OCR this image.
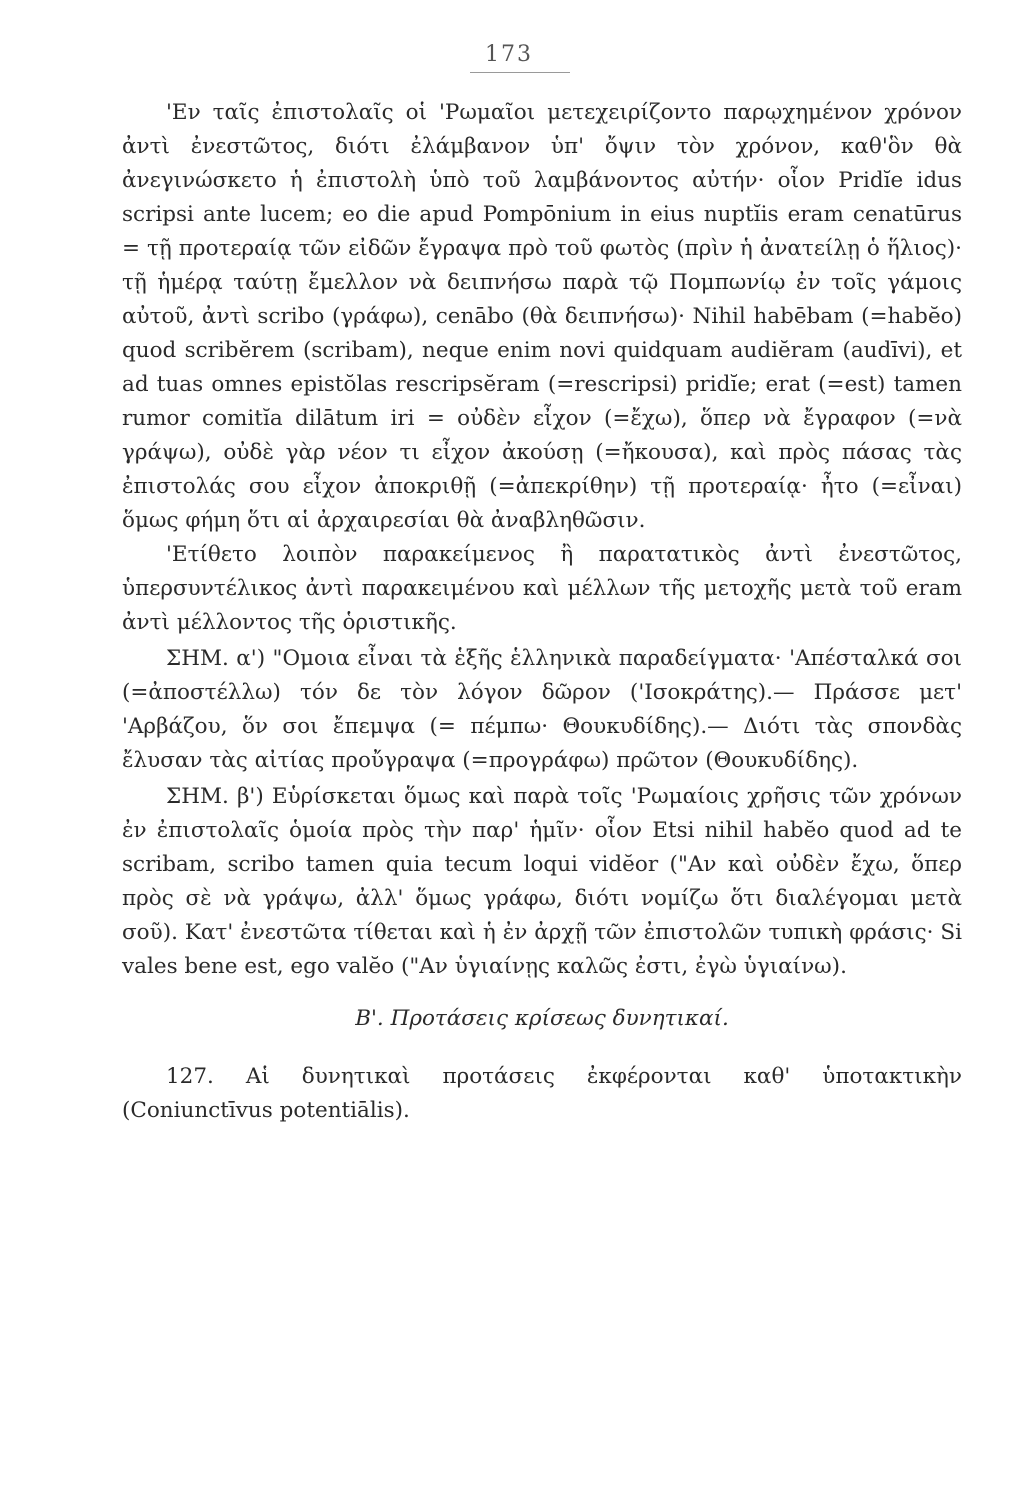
173

'Εν ταῖς ἐπιστολαῖς οἱ 'Ρωμαῖοι μετεχειρίζοντο παρῳχημένον χρόνον ἀντὶ ἐνεστῶτος, διότι ἐλάμβανον ὑπ' ὄψιν τὸν χρόνον, καθ'ὃν θὰ ἀνεγινώσκετο ἡ ἐπιστολὴ ὑπὸ τοῦ λαμβάνοντος αὐτήν· οἷον Pridĭe idus scripsi ante lucem; eo die apud Pompōnium in eius nuptĭis eram cenatūrus = τῇ προτεραίᾳ τῶν εἰδῶν ἔγραψα πρὸ τοῦ φωτὸς (πρὶν ἡ ἀνατείλῃ ὁ ἥλιος)· τῇ ἡμέρᾳ ταύτῃ ἔμελλον νὰ δειπνήσω παρὰ τῷ Πομπωνίῳ ἐν τοῖς γάμοις αὐτοῦ, ἀντὶ scribo (γράφω), cenābo (θὰ δειπνήσω)· Nihil habēbam (=habĕo) quod scribĕrem (scribam), neque enim novi quidquam audiĕram (audīvi), et ad tuas omnes epistŏlas rescripsĕram (=rescripsi) pridĭe; erat (=est) tamen rumor comitĭa dilātum iri = οὐδὲν εἶχον (=ἔχω), ὅπερ νὰ ἔγραφον (=νὰ γράψω), οὐδὲ γὰρ νέον τι εἶχον ἀκούσῃ (=ἤκουσα), καὶ πρὸς πάσας τὰς ἐπιστολάς σου εἶχον ἀποκριθῇ (=ἀπεκρίθην) τῇ προτεραίᾳ· ἦτο (=εἶναι) ὅμως φήμη ὅτι αἱ ἀρχαιρεσίαι θὰ ἀναβληθῶσιν.

'Ετίθετο λοιπὸν παρακείμενος ἢ παρατατικὸς ἀντὶ ἐνεστῶτος, ὑπερσυντέλικος ἀντὶ παρακειμένου καὶ μέλλων τῆς μετοχῆς μετὰ τοῦ eram ἀντὶ μέλλοντος τῆς ὁριστικῆς.

ΣΗΜ. α') "Ομοια εἶναι τὰ ἑξῆς ἑλληνικὰ παραδείγματα· 'Απέσταλκά σοι (=ἀποστέλλω) τόν δε τὸν λόγον δῶρον ('Ισοκράτης).— Πράσσε μετ' 'Αρβάζου, ὅν σοι ἔπεμψα (= πέμπω· Θουκυδίδης).— Διότι τὰς σπονδὰς ἔλυσαν τὰς αἰτίας προὔγραψα (=προγράφω) πρῶτον (Θουκυδίδης).

ΣΗΜ. β') Εὑρίσκεται ὅμως καὶ παρὰ τοῖς 'Ρωμαίοις χρῆσις τῶν χρόνων ἐν ἐπιστολαῖς ὁμοία πρὸς τὴν παρ' ἡμῖν· οἷον Etsi nihil habĕo quod ad te scribam, scribo tamen quia tecum loqui vidĕor ("Αν καὶ οὐδὲν ἔχω, ὅπερ πρὸς σὲ νὰ γράψω, ἀλλ' ὅμως γράφω, διότι νομίζω ὅτι διαλέγομαι μετὰ σοῦ). Κατ' ἐνεστῶτα τίθεται καὶ ἡ ἐν ἀρχῇ τῶν ἐπιστολῶν τυπικὴ φράσις· Si vales bene est, ego valĕo ("Αν ὑγιαίνῃς καλῶς ἐστι, ἐγὼ ὑγιαίνω).

Β'. Προτάσεις κρίσεως δυνητικαί.

127. Αἱ δυνητικαὶ προτάσεις ἐκφέρονται καθ' ὑποτακτικὴν (Coniunctīvus potentiālis).
